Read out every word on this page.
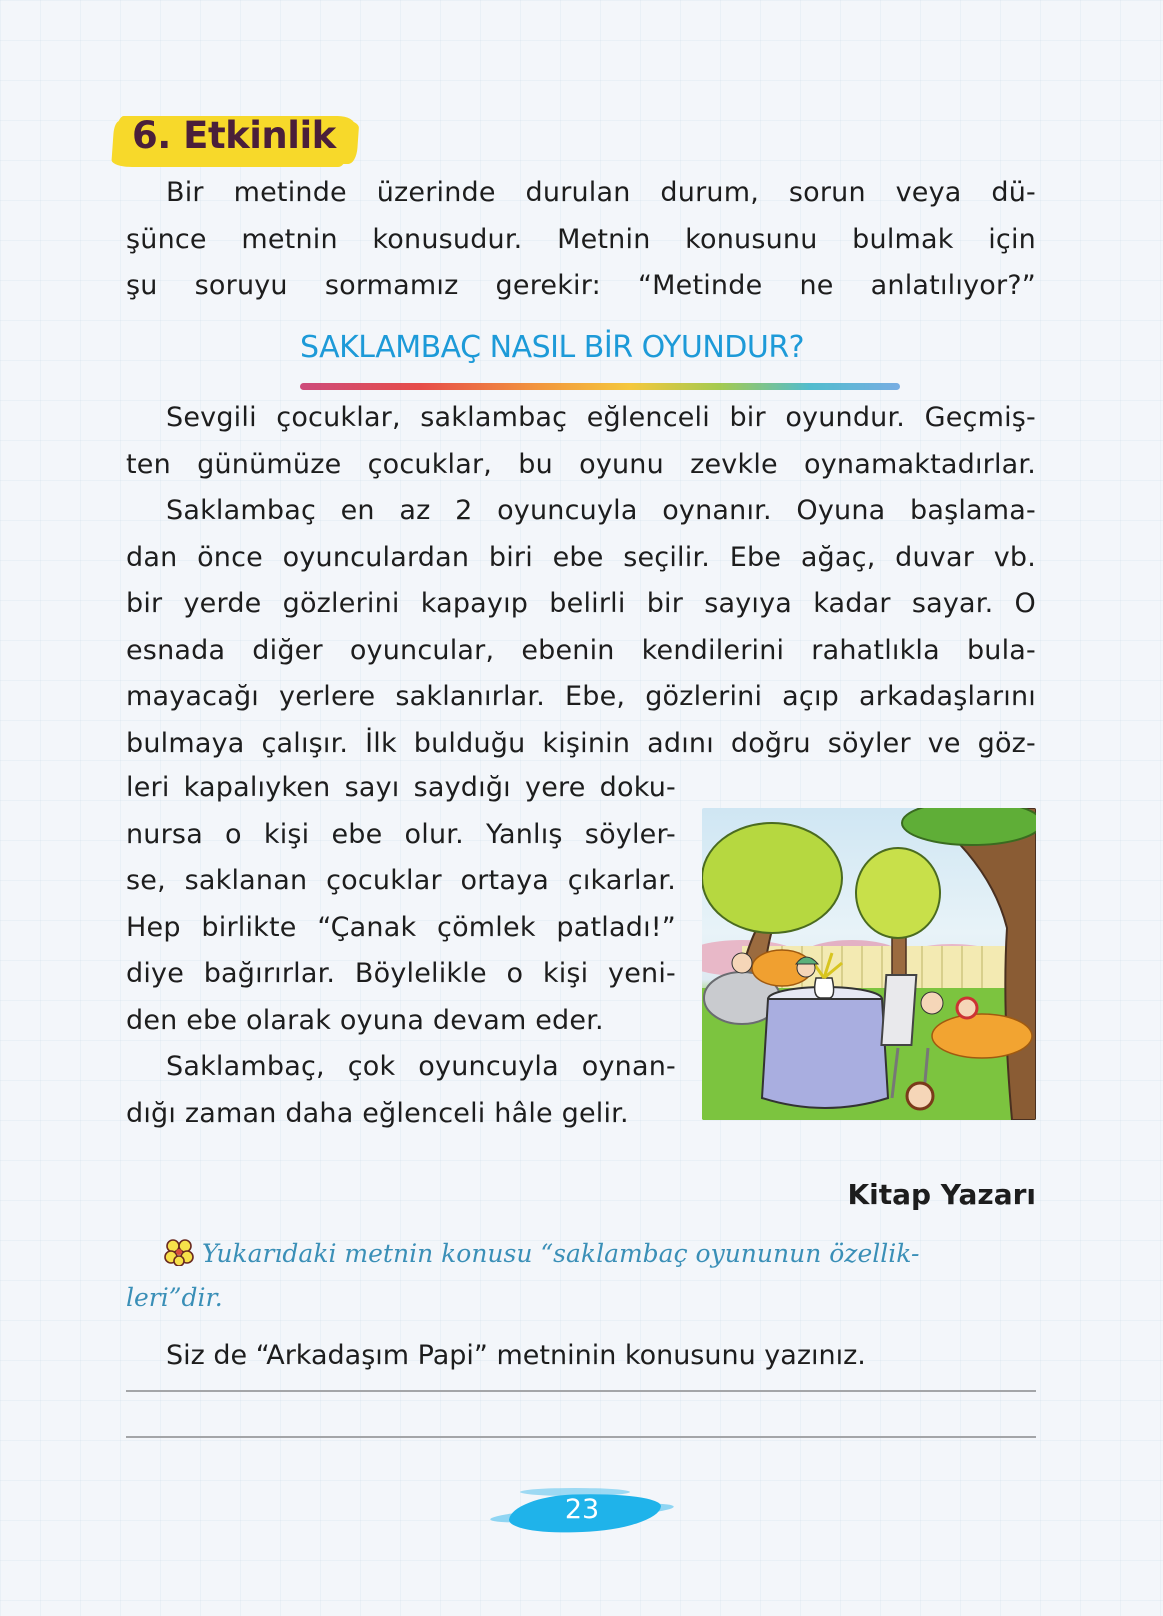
6. Etkinlik
Bir metinde üzerinde durulan durum, sorun veya dü-
şünce metnin konusudur. Metnin konusunu bulmak için
şu soruyu sormamız gerekir: “Metinde ne anlatılıyor?”
SAKLAMBAÇ NASIL BİR OYUNDUR?
Sevgili çocuklar, saklambaç eğlenceli bir oyundur. Geçmiş-
ten günümüze çocuklar, bu oyunu zevkle oynamaktadırlar.
Saklambaç en az 2 oyuncuyla oynanır. Oyuna başlama-
dan önce oyunculardan biri ebe seçilir. Ebe ağaç, duvar vb.
bir yerde gözlerini kapayıp belirli bir sayıya kadar sayar. O
esnada diğer oyuncular, ebenin kendilerini rahatlıkla bula-
mayacağı yerlere saklanırlar. Ebe, gözlerini açıp arkadaşlarını
bulmaya çalışır. İlk bulduğu kişinin adını doğru söyler ve göz-
leri kapalıyken sayı saydığı yere doku-
nursa o kişi ebe olur. Yanlış söyler-
se, saklanan çocuklar ortaya çıkarlar.
Hep birlikte “Çanak çömlek patladı!”
diye bağırırlar. Böylelikle o kişi yeni-
den ebe olarak oyuna devam eder.
Saklambaç, çok oyuncuyla oynan-
dığı zaman daha eğlenceli hâle gelir.
Kitap Yazarı
Yukarıdaki metnin konusu “saklambaç oyununun özellik-
leri”dir.
Siz de “Arkadaşım Papi” metninin konusunu yazınız.
23
